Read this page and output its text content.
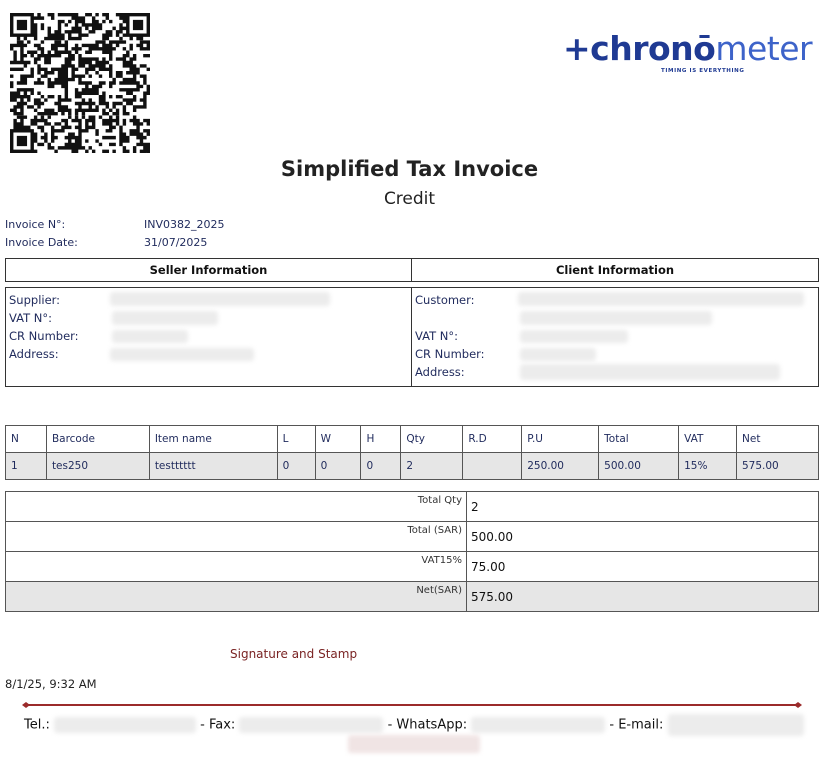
+chronōmeter
TIMING IS EVERYTHING
Simplified Tax Invoice
Credit
Invoice N°:	INV0382_2025
Invoice Date:	31/07/2025
Seller Information	Client Information
Supplier:
VAT N°:
CR Number:
Address:
Customer:
VAT N°:
CR Number:
Address:
N	Barcode	Item name	L	W	H	Qty	R.D	P.U	Total	VAT	Net
1	tes250	testttttt	0	0	0	2		250.00	500.00	15%	575.00
Total Qty	2
Total (SAR)	500.00
VAT15%	75.00
Net(SAR)	575.00
Signature and Stamp
8/1/25, 9:32 AM
Tel.:	- Fax:	- WhatsApp:	- E-mail:
